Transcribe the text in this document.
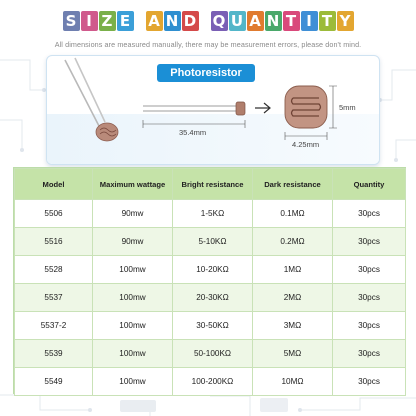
S I Z E A N D Q U A N T I T Y
All dimensions are measured manually, there may be measurement errors, please don't mind.
Photoresistor
35.4mm
4.25mm
5mm
Model	Maximum wattage	Bright resistance	Dark resistance	Quantity
5506	90mw	1-5KΩ	0.1MΩ	30pcs
5516	90mw	5-10KΩ	0.2MΩ	30pcs
5528	100mw	10-20KΩ	1MΩ	30pcs
5537	100mw	20-30KΩ	2MΩ	30pcs
5537-2	100mw	30-50KΩ	3MΩ	30pcs
5539	100mw	50-100KΩ	5MΩ	30pcs
5549	100mw	100-200KΩ	10MΩ	30pcs
